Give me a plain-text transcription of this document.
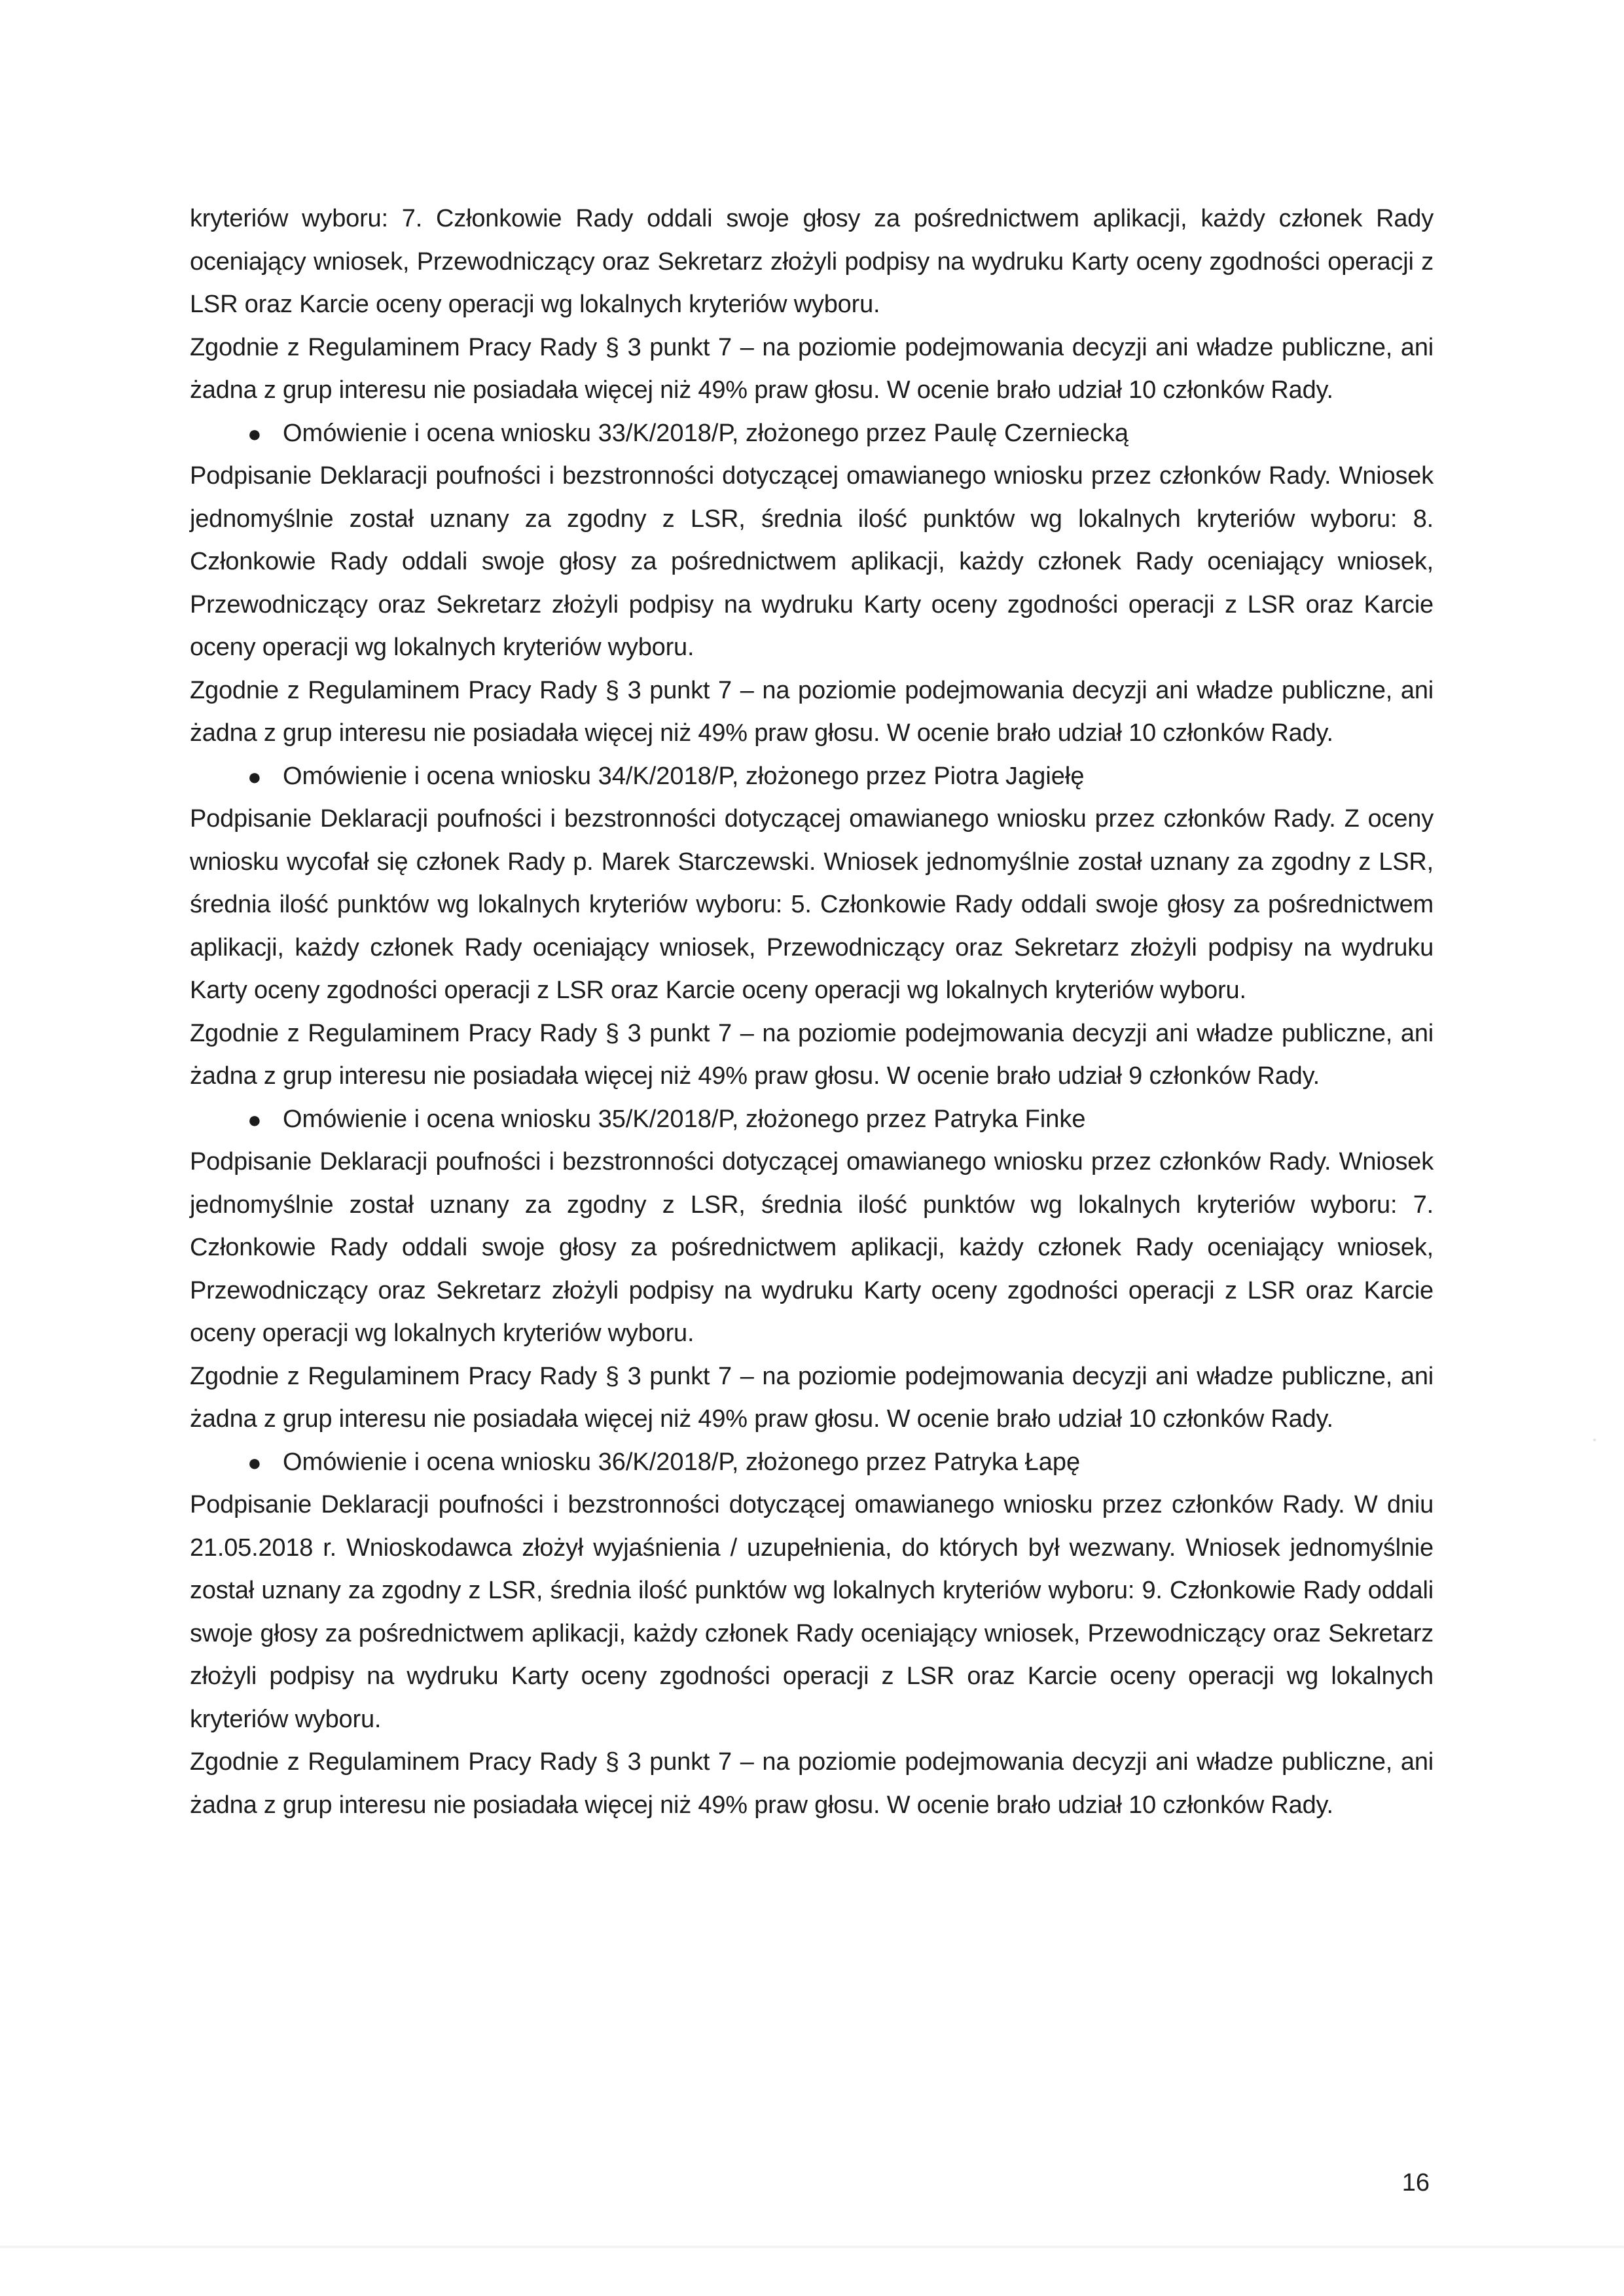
kryteriów wyboru: 7. Członkowie Rady oddali swoje głosy za pośrednictwem aplikacji, każdy członek Rady oceniający wniosek, Przewodniczący oraz Sekretarz złożyli podpisy na wydruku Karty oceny zgodności operacji z LSR oraz Karcie oceny operacji wg lokalnych kryteriów wyboru.

Zgodnie z Regulaminem Pracy Rady § 3 punkt 7 – na poziomie podejmowania decyzji ani władze publiczne, ani żadna z grup interesu nie posiadała więcej niż 49% praw głosu. W ocenie brało udział 10 członków Rady.

● Omówienie i ocena wniosku 33/K/2018/P, złożonego przez Paulę Czerniecką

Podpisanie Deklaracji poufności i bezstronności dotyczącej omawianego wniosku przez członków Rady. Wniosek jednomyślnie został uznany za zgodny z LSR, średnia ilość punktów wg lokalnych kryteriów wyboru: 8. Członkowie Rady oddali swoje głosy za pośrednictwem aplikacji, każdy członek Rady oceniający wniosek, Przewodniczący oraz Sekretarz złożyli podpisy na wydruku Karty oceny zgodności operacji z LSR oraz Karcie oceny operacji wg lokalnych kryteriów wyboru.

Zgodnie z Regulaminem Pracy Rady § 3 punkt 7 – na poziomie podejmowania decyzji ani władze publiczne, ani żadna z grup interesu nie posiadała więcej niż 49% praw głosu. W ocenie brało udział 10 członków Rady.

● Omówienie i ocena wniosku 34/K/2018/P, złożonego przez Piotra Jagiełę

Podpisanie Deklaracji poufności i bezstronności dotyczącej omawianego wniosku przez członków Rady. Z oceny wniosku wycofał się członek Rady p. Marek Starczewski. Wniosek jednomyślnie został uznany za zgodny z LSR, średnia ilość punktów wg lokalnych kryteriów wyboru: 5. Członkowie Rady oddali swoje głosy za pośrednictwem aplikacji, każdy członek Rady oceniający wniosek, Przewodniczący oraz Sekretarz złożyli podpisy na wydruku Karty oceny zgodności operacji z LSR oraz Karcie oceny operacji wg lokalnych kryteriów wyboru.

Zgodnie z Regulaminem Pracy Rady § 3 punkt 7 – na poziomie podejmowania decyzji ani władze publiczne, ani żadna z grup interesu nie posiadała więcej niż 49% praw głosu. W ocenie brało udział 9 członków Rady.

● Omówienie i ocena wniosku 35/K/2018/P, złożonego przez Patryka Finke

Podpisanie Deklaracji poufności i bezstronności dotyczącej omawianego wniosku przez członków Rady. Wniosek jednomyślnie został uznany za zgodny z LSR, średnia ilość punktów wg lokalnych kryteriów wyboru: 7. Członkowie Rady oddali swoje głosy za pośrednictwem aplikacji, każdy członek Rady oceniający wniosek, Przewodniczący oraz Sekretarz złożyli podpisy na wydruku Karty oceny zgodności operacji z LSR oraz Karcie oceny operacji wg lokalnych kryteriów wyboru.

Zgodnie z Regulaminem Pracy Rady § 3 punkt 7 – na poziomie podejmowania decyzji ani władze publiczne, ani żadna z grup interesu nie posiadała więcej niż 49% praw głosu. W ocenie brało udział 10 członków Rady.

● Omówienie i ocena wniosku 36/K/2018/P, złożonego przez Patryka Łapę

Podpisanie Deklaracji poufności i bezstronności dotyczącej omawianego wniosku przez członków Rady. W dniu 21.05.2018 r. Wnioskodawca złożył wyjaśnienia / uzupełnienia, do których był wezwany. Wniosek jednomyślnie został uznany za zgodny z LSR, średnia ilość punktów wg lokalnych kryteriów wyboru: 9. Członkowie Rady oddali swoje głosy za pośrednictwem aplikacji, każdy członek Rady oceniający wniosek, Przewodniczący oraz Sekretarz złożyli podpisy na wydruku Karty oceny zgodności operacji z LSR oraz Karcie oceny operacji wg lokalnych kryteriów wyboru.

Zgodnie z Regulaminem Pracy Rady § 3 punkt 7 – na poziomie podejmowania decyzji ani władze publiczne, ani żadna z grup interesu nie posiadała więcej niż 49% praw głosu. W ocenie brało udział 10 członków Rady.

16
